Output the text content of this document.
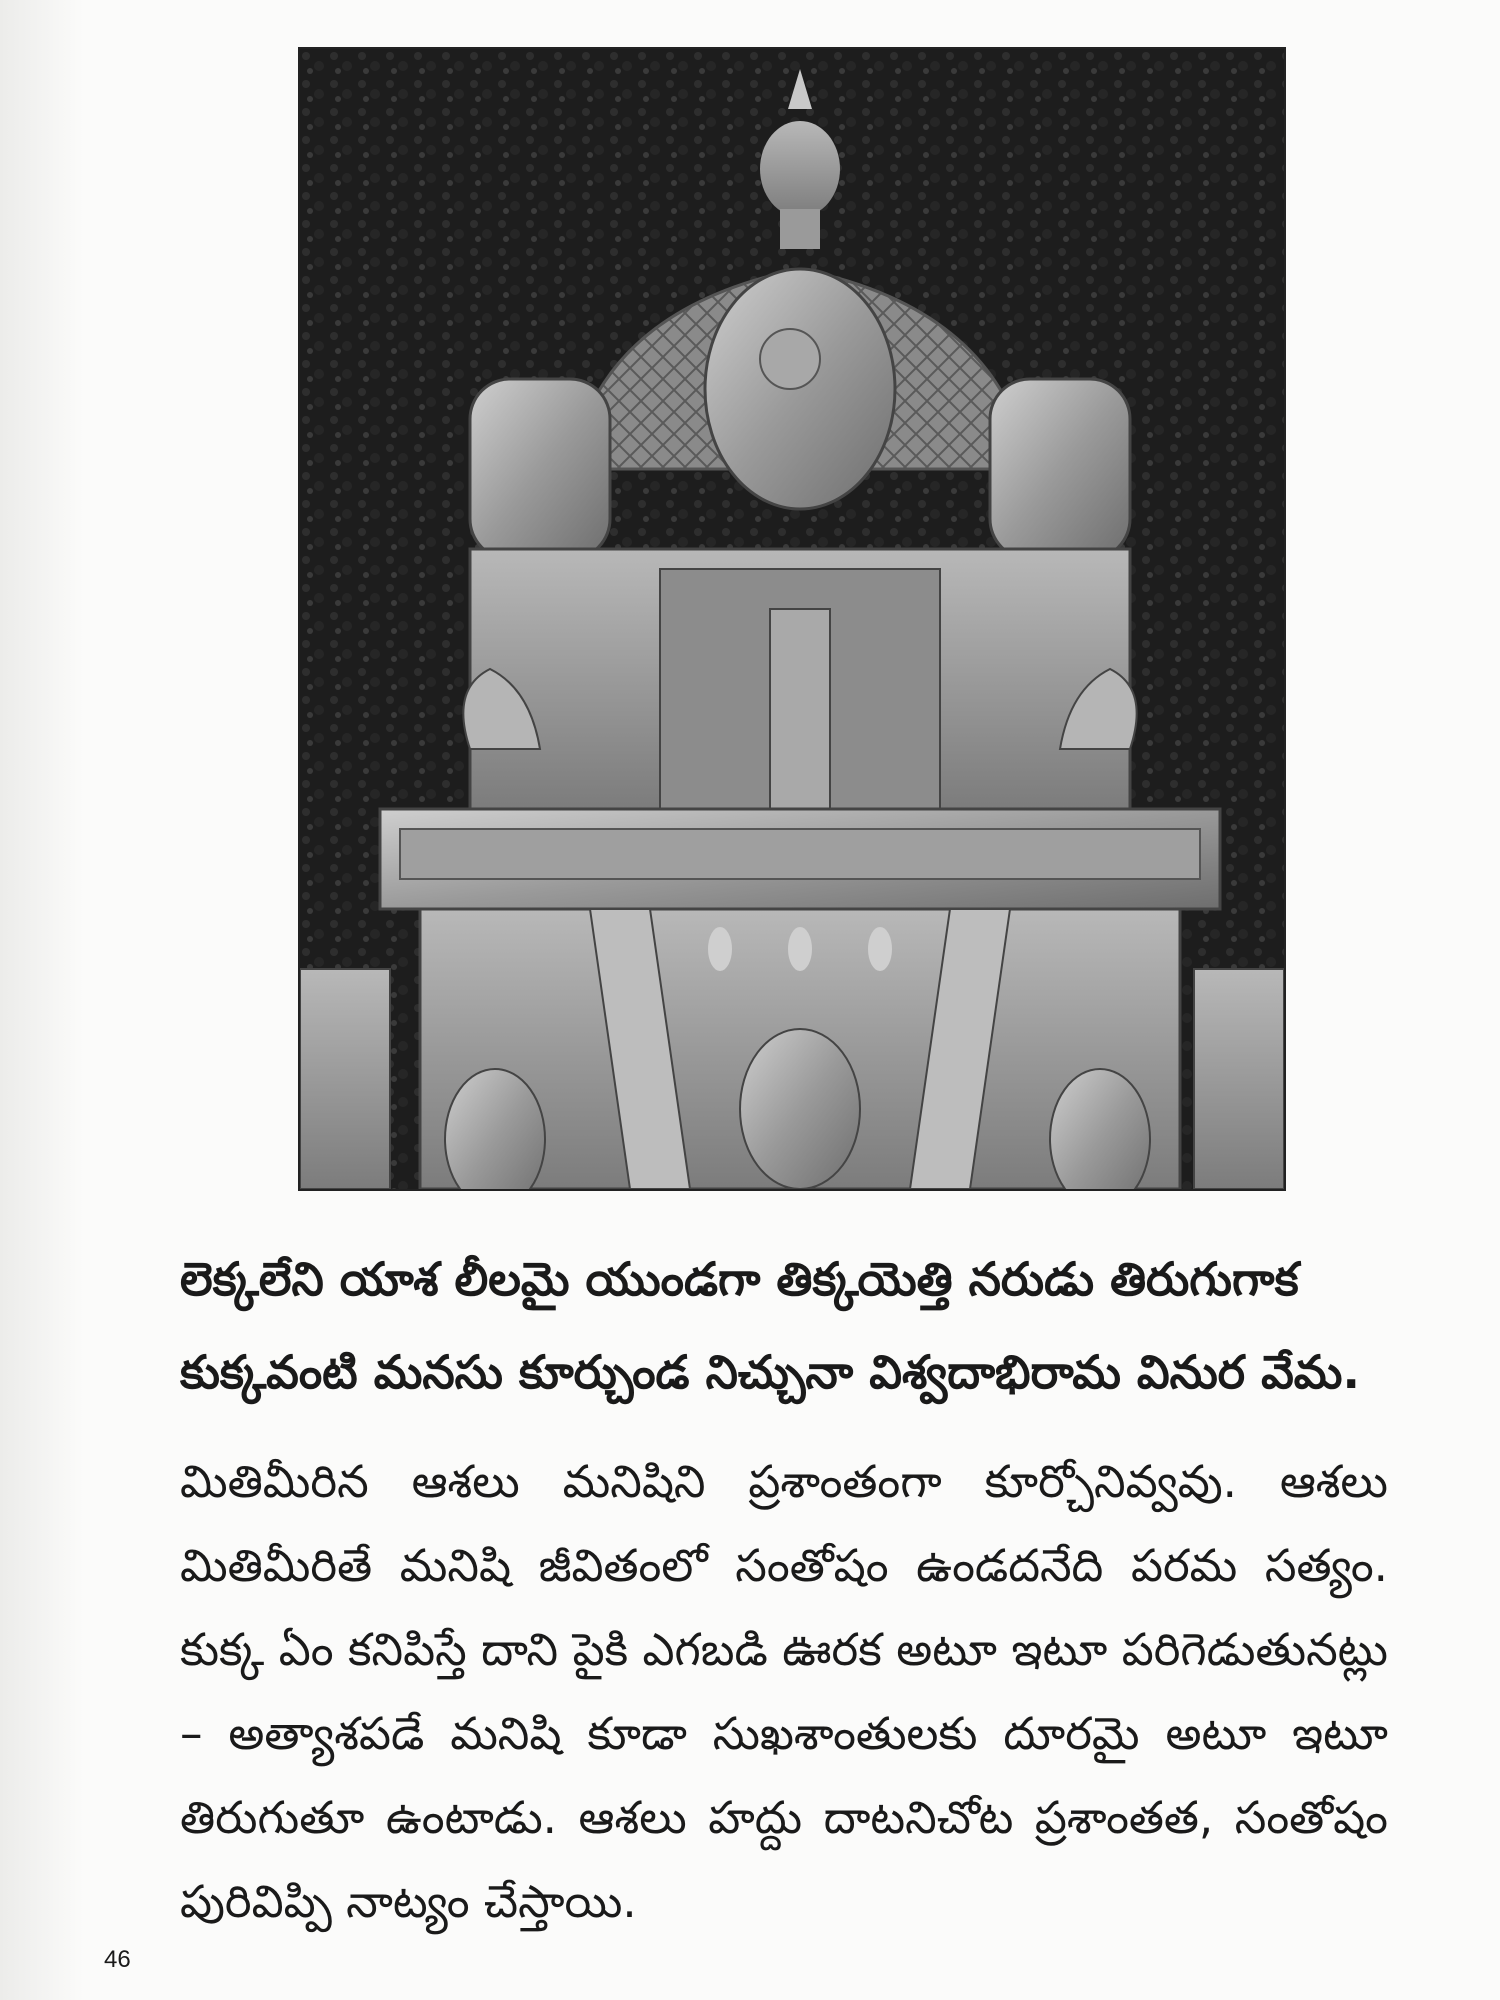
లెక్కలేని యాశ లీలమై యుండగా తిక్కయెత్తి నరుడు తిరుగుగాక
కుక్కవంటి మనసు కూర్చుండ నిచ్చునా విశ్వదాభిరామ వినుర వేమ.
మితిమీరిన ఆశలు మనిషిని ప్రశాంతంగా కూర్చోనివ్వవు. ఆశలు మితిమీరితే మనిషి జీవితంలో సంతోషం ఉండదనేది పరమ సత్యం. కుక్క ఏం కనిపిస్తే దాని పైకి ఎగబడి ఊరక అటూ ఇటూ పరిగెడుతునట్లు – అత్యాశపడే మనిషి కూడా సుఖశాంతులకు దూరమై అటూ ఇటూ తిరుగుతూ ఉంటాడు. ఆశలు హద్దు దాటనిచోట ప్రశాంతత, సంతోషం పురివిప్పి నాట్యం చేస్తాయి.
46
